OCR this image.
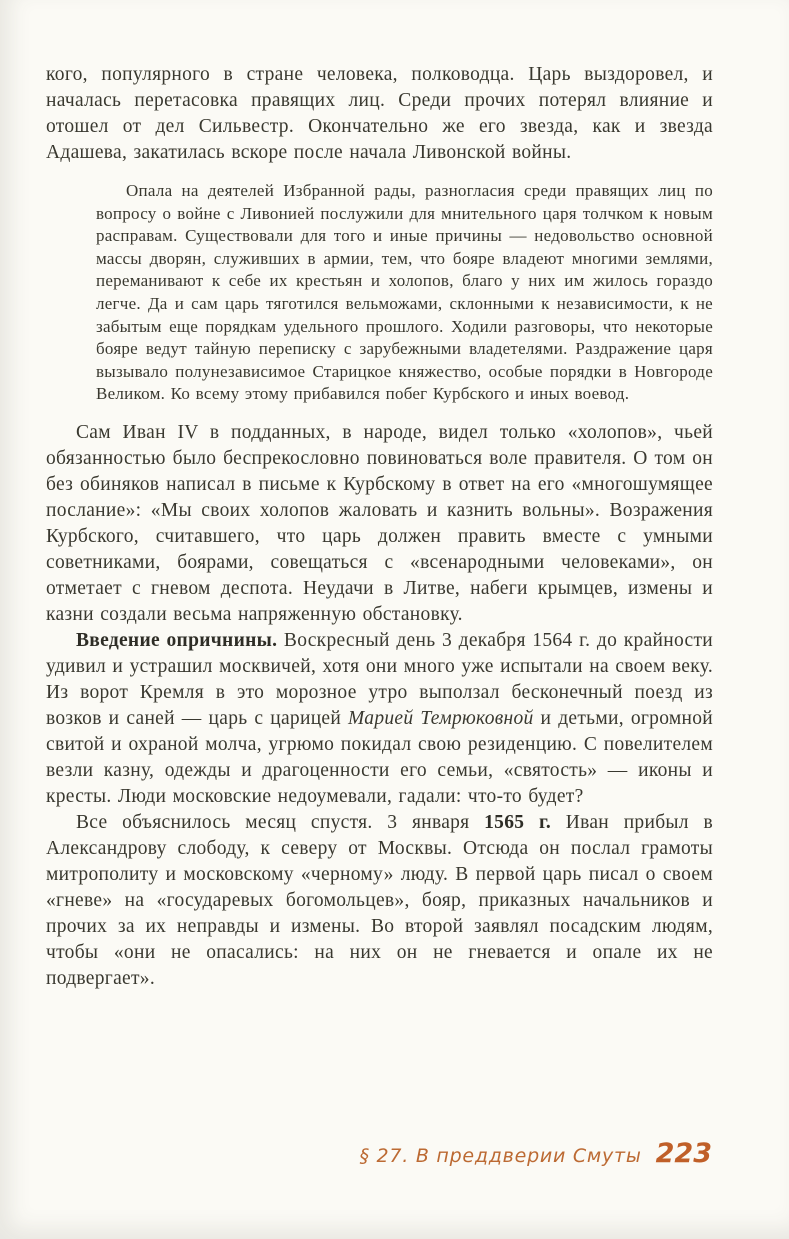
кого, популярного в стране человека, полководца. Царь выздоровел, и началась перетасовка правящих лиц. Среди прочих потерял влияние и отошел от дел Сильвестр. Окончательно же его звезда, как и звезда Адашева, закатилась вскоре после начала Ливонской войны.

Опала на деятелей Избранной рады, разногласия среди правящих лиц по вопросу о войне с Ливонией послужили для мнительного царя толчком к новым расправам. Существовали для того и иные причины — недовольство основной массы дворян, служивших в армии, тем, что бояре владеют многими землями, переманивают к себе их крестьян и холопов, благо у них им жилось гораздо легче. Да и сам царь тяготился вельможами, склонными к независимости, к не забытым еще порядкам удельного прошлого. Ходили разговоры, что некоторые бояре ведут тайную переписку с зарубежными владетелями. Раздражение царя вызывало полунезависимое Старицкое княжество, особые порядки в Новгороде Великом. Ко всему этому прибавился побег Курбского и иных воевод.

Сам Иван IV в подданных, в народе, видел только «холопов», чьей обязанностью было беспрекословно повиноваться воле правителя. О том он без обиняков написал в письме к Курбскому в ответ на его «многошумящее послание»: «Мы своих холопов жаловать и казнить вольны». Возражения Курбского, считавшего, что царь должен править вместе с умными советниками, боярами, совещаться с «всенародными человеками», он отметает с гневом деспота. Неудачи в Литве, набеги крымцев, измены и казни создали весьма напряженную обстановку.

Введение опричнины. Воскресный день 3 декабря 1564 г. до крайности удивил и устрашил москвичей, хотя они много уже испытали на своем веку. Из ворот Кремля в это морозное утро выползал бесконечный поезд из возков и саней — царь с царицей Марией Темрюковной и детьми, огромной свитой и охраной молча, угрюмо покидал свою резиденцию. С повелителем везли казну, одежды и драгоценности его семьи, «святость» — иконы и кресты. Люди московские недоумевали, гадали: что-то будет?

Все объяснилось месяц спустя. 3 января 1565 г. Иван прибыл в Александрову слободу, к северу от Москвы. Отсюда он послал грамоты митрополиту и московскому «черному» люду. В первой царь писал о своем «гневе» на «государевых богомольцев», бояр, приказных начальников и прочих за их неправды и измены. Во второй заявлял посадским людям, чтобы «они не опасались: на них он не гневается и опале их не подвергает».

§ 27. В преддверии Смуты 223
